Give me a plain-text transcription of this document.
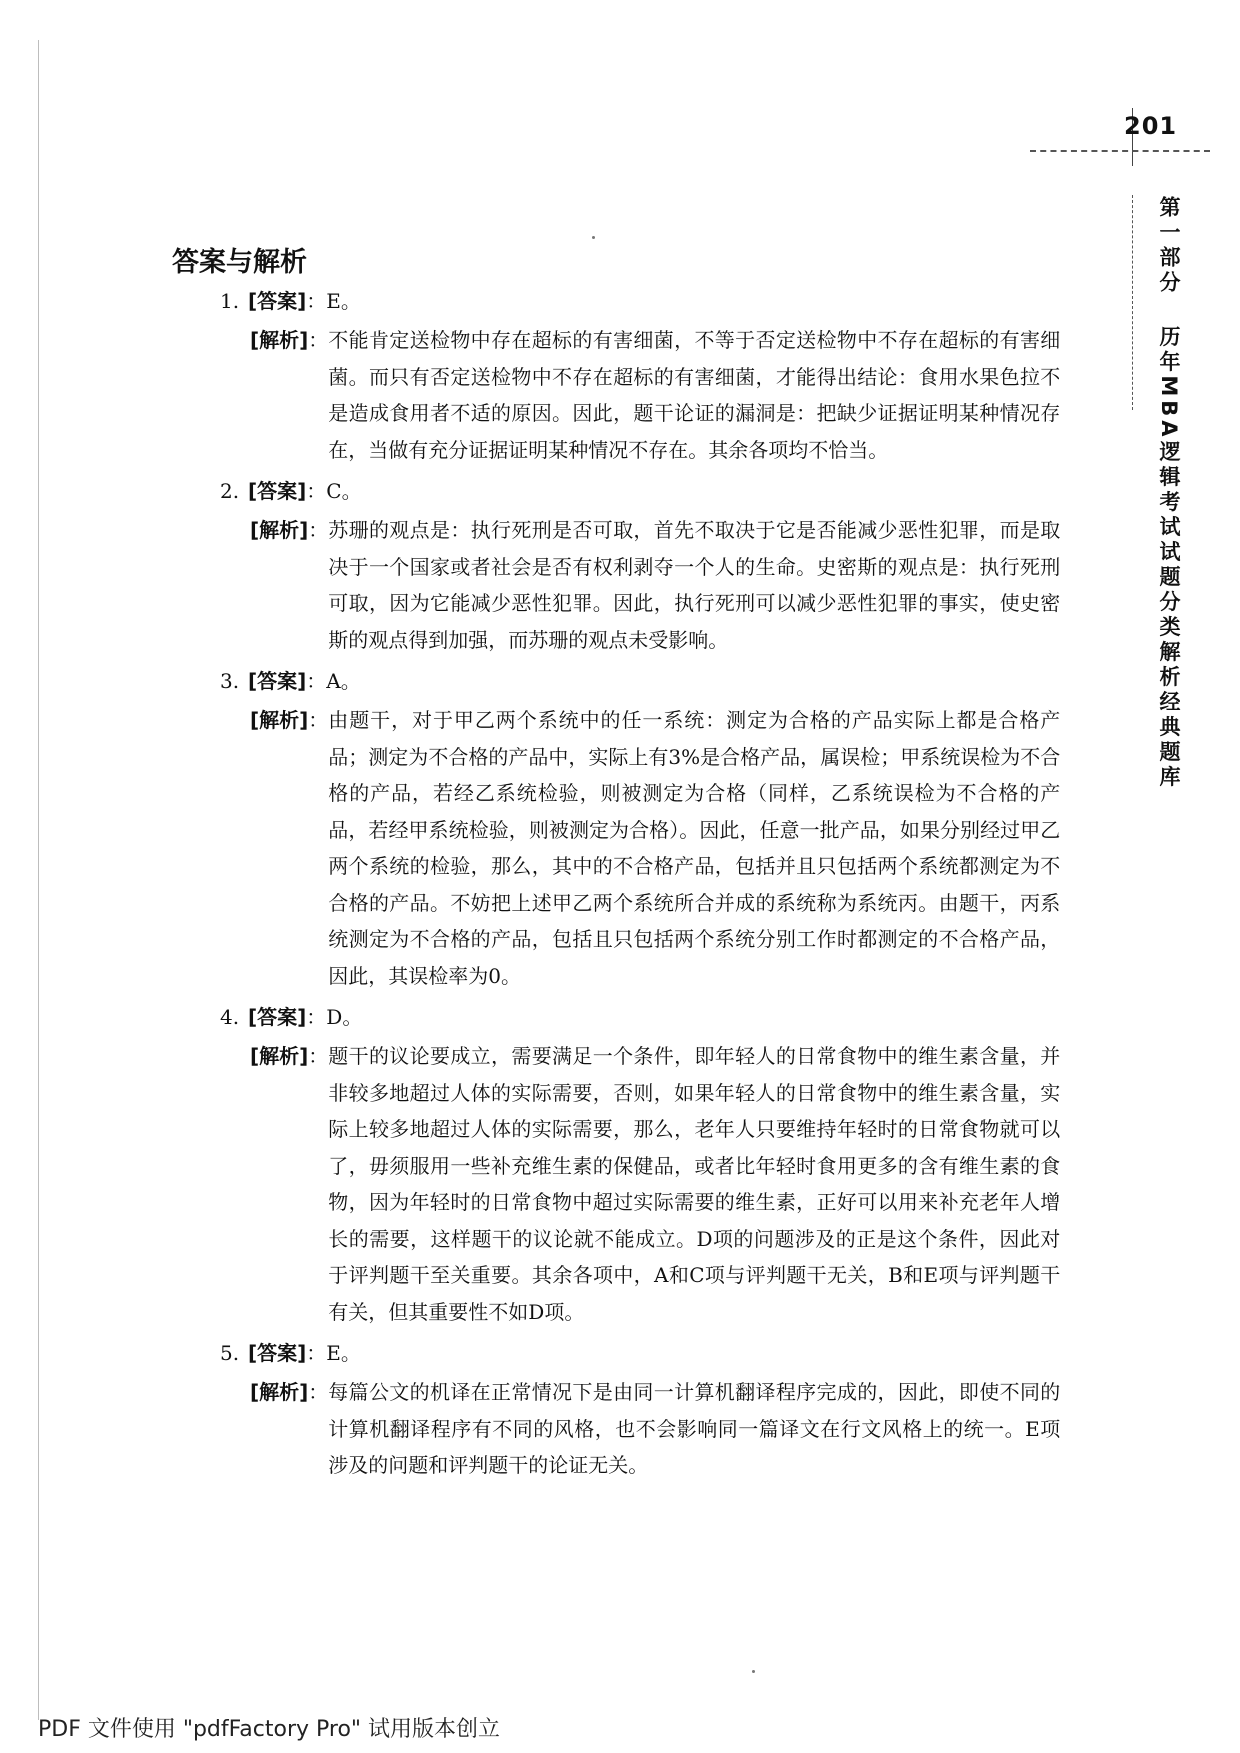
201
第一部分 历年MBA逻辑考试试题分类解析经典题库
答案与解析
1. [答案]：E。
[解析]： 不能肯定送检物中存在超标的有害细菌，不等于否定送检物中不存在超标的有害细菌。而只有否定送检物中不存在超标的有害细菌，才能得出结论：食用水果色拉不是造成食用者不适的原因。因此，题干论证的漏洞是：把缺少证据证明某种情况存在，当做有充分证据证明某种情况不存在。其余各项均不恰当。
2. [答案]：C。
[解析]： 苏珊的观点是：执行死刑是否可取，首先不取决于它是否能减少恶性犯罪，而是取决于一个国家或者社会是否有权利剥夺一个人的生命。史密斯的观点是：执行死刑可取，因为它能减少恶性犯罪。因此，执行死刑可以减少恶性犯罪的事实，使史密斯的观点得到加强，而苏珊的观点未受影响。
3. [答案]：A。
[解析]： 由题干，对于甲乙两个系统中的任一系统：测定为合格的产品实际上都是合格产品；测定为不合格的产品中，实际上有3%是合格产品，属误检；甲系统误检为不合格的产品，若经乙系统检验，则被测定为合格（同样，乙系统误检为不合格的产品，若经甲系统检验，则被测定为合格）。因此，任意一批产品，如果分别经过甲乙两个系统的检验，那么，其中的不合格产品，包括并且只包括两个系统都测定为不合格的产品。不妨把上述甲乙两个系统所合并成的系统称为系统丙。由题干，丙系统测定为不合格的产品，包括且只包括两个系统分别工作时都测定的不合格产品，因此，其误检率为0。
4. [答案]：D。
[解析]： 题干的议论要成立，需要满足一个条件，即年轻人的日常食物中的维生素含量，并非较多地超过人体的实际需要，否则，如果年轻人的日常食物中的维生素含量，实际上较多地超过人体的实际需要，那么，老年人只要维持年轻时的日常食物就可以了，毋须服用一些补充维生素的保健品，或者比年轻时食用更多的含有维生素的食物，因为年轻时的日常食物中超过实际需要的维生素，正好可以用来补充老年人增长的需要，这样题干的议论就不能成立。D项的问题涉及的正是这个条件，因此对于评判题干至关重要。其余各项中，A和C项与评判题干无关，B和E项与评判题干有关，但其重要性不如D项。
5. [答案]：E。
[解析]： 每篇公文的机译在正常情况下是由同一计算机翻译程序完成的，因此，即使不同的计算机翻译程序有不同的风格，也不会影响同一篇译文在行文风格上的统一。E项涉及的问题和评判题干的论证无关。
PDF 文件使用 "pdfFactory Pro" 试用版本创立
